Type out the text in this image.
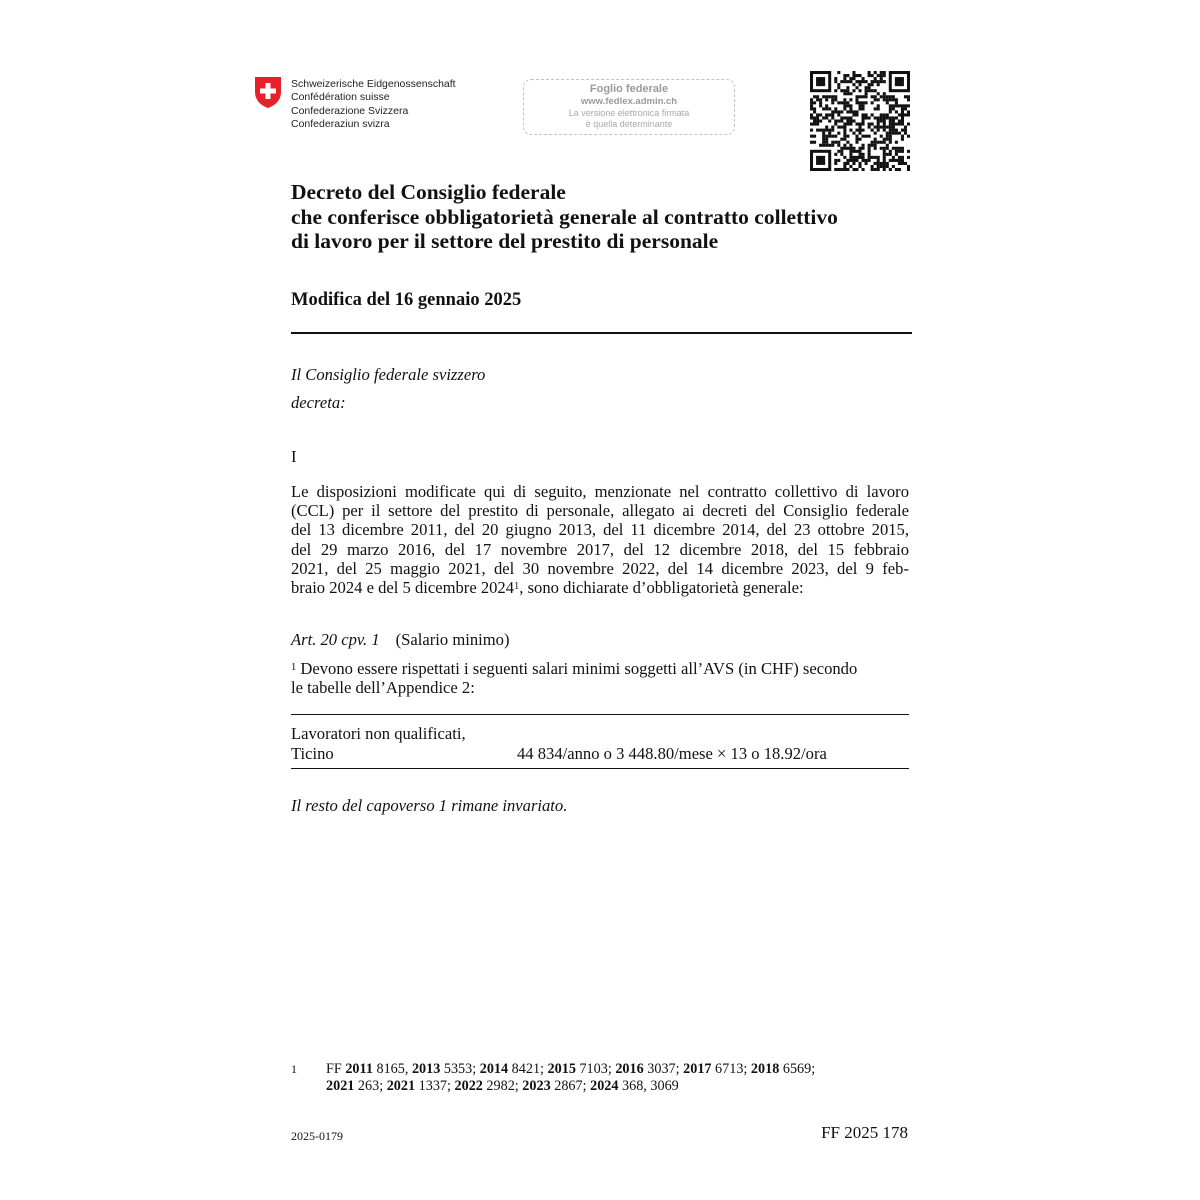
Schweizerische Eidgenossenschaft
Confédération suisse
Confederazione Svizzera
Confederaziun svizra
Foglio federale
www.fedlex.admin.ch
La versione elettronica firmata
è quella determinante
Decreto del Consiglio federale
che conferisce obbligatorietà generale al contratto collettivo
di lavoro per il settore del prestito di personale
Modifica del 16 gennaio 2025
Il Consiglio federale svizzero
decreta:
I
Le disposizioni modificate qui di seguito, menzionate nel contratto collettivo di lavoro
(CCL) per il settore del prestito di personale, allegato ai decreti del Consiglio federale
del 13 dicembre 2011, del 20 giugno 2013, del 11 dicembre 2014, del 23 ottobre 2015,
del 29 marzo 2016, del 17 novembre 2017, del 12 dicembre 2018, del 15 febbraio
2021, del 25 maggio 2021, del 30 novembre 2022, del 14 dicembre 2023, del 9 feb-
braio 2024 e del 5 dicembre 2024$^1$, sono dichiarate d’obbligatorietà generale:
Art. 20 cpv. 1 (Salario minimo)
$^1$ Devono essere rispettati i seguenti salari minimi soggetti all’AVS (in CHF) secondo
le tabelle dell’Appendice 2:
Lavoratori non qualificati,
Ticino	44 834/anno o 3 448.80/mese × 13 o 18.92/ora
Il resto del capoverso 1 rimane invariato.
1 FF 2011 8165, 2013 5353; 2014 8421; 2015 7103; 2016 3037; 2017 6713; 2018 6569;
2021 263; 2021 1337; 2022 2982; 2023 2867; 2024 368, 3069
2025-0179	FF 2025 178
